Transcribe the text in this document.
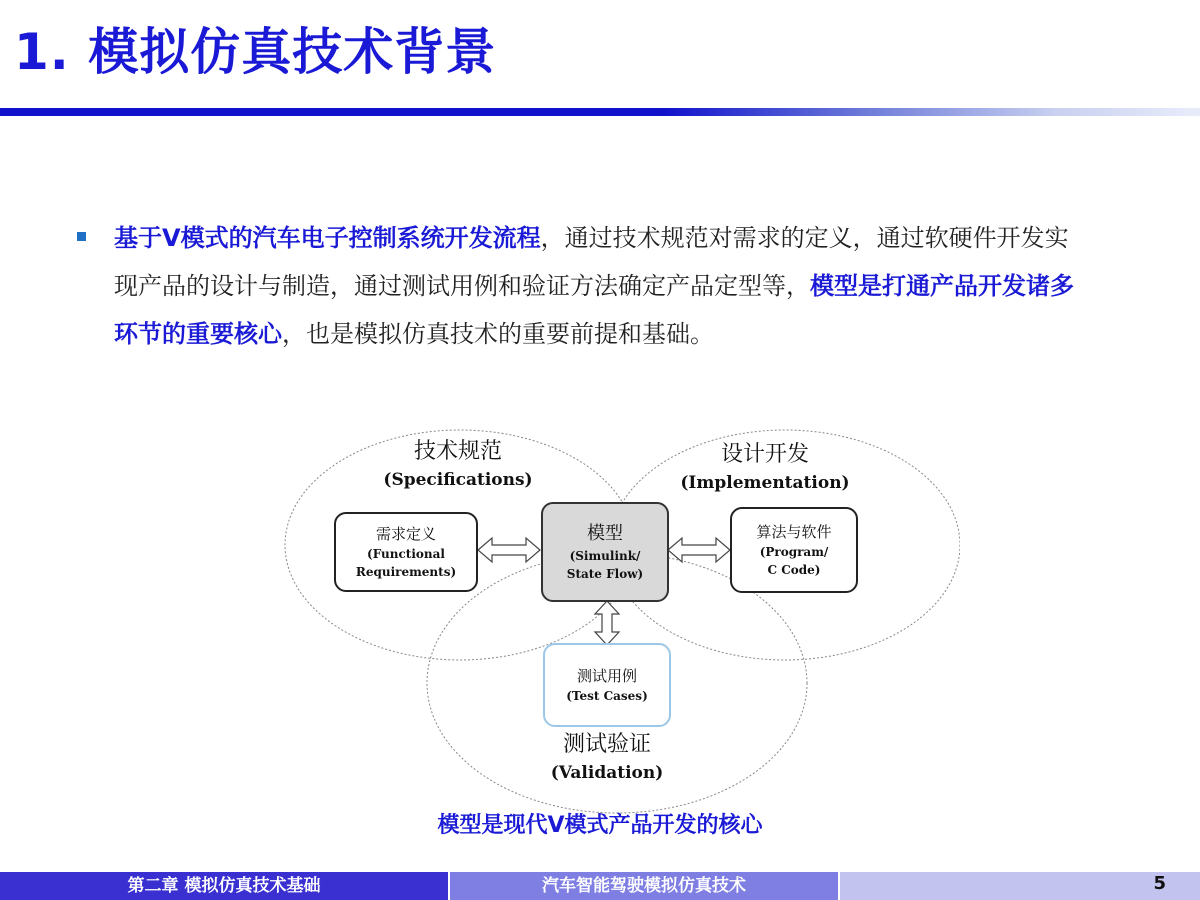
1. 模拟仿真技术背景

基于V模式的汽车电子控制系统开发流程，通过技术规范对需求的定义，通过软硬件开发实现产品的设计与制造，通过测试用例和验证方法确定产品定型等，模型是打通产品开发诸多环节的重要核心，也是模拟仿真技术的重要前提和基础。

技术规范
(Specifications)
设计开发
(Implementation)
测试验证
(Validation)
需求定义
(Functional
Requirements)
模型
(Simulink/
State Flow)
算法与软件
(Program/
C Code)
测试用例
(Test Cases)
模型是现代V模式产品开发的核心
第二章 模拟仿真技术基础	汽车智能驾驶模拟仿真技术	5
